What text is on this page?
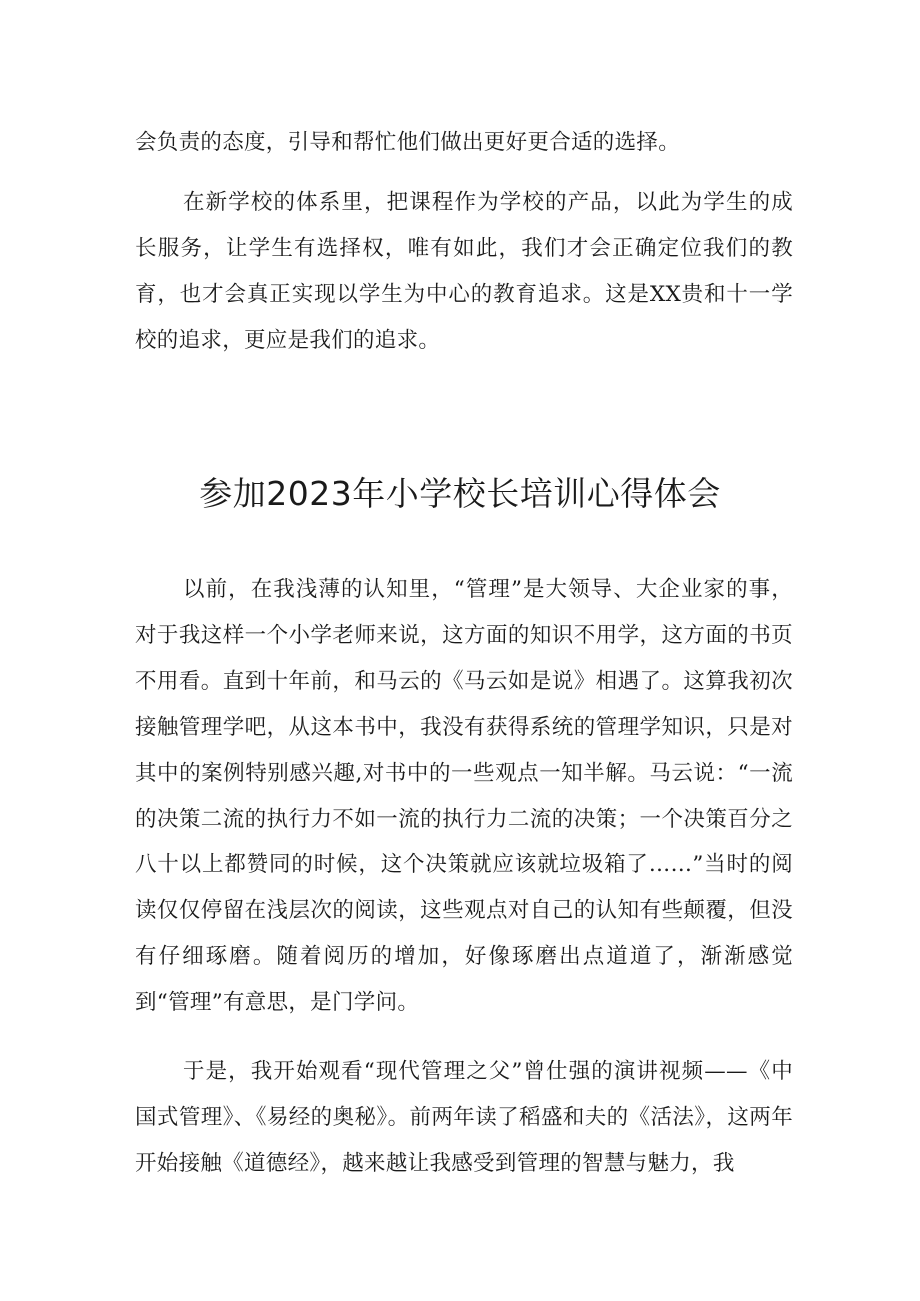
会负责的态度，引导和帮忙他们做出更好更合适的选择。

在新学校的体系里，把课程作为学校的产品，以此为学生的成长服务，让学生有选择权，唯有如此，我们才会正确定位我们的教育，也才会真正实现以学生为中心的教育追求。这是XX贵和十一学校的追求，更应是我们的追求。

参加2023年小学校长培训心得体会

以前，在我浅薄的认知里，“管理”是大领导、大企业家的事，对于我这样一个小学老师来说，这方面的知识不用学，这方面的书页不用看。直到十年前，和马云的《马云如是说》相遇了。这算我初次接触管理学吧，从这本书中，我没有获得系统的管理学知识，只是对其中的案例特别感兴趣,对书中的一些观点一知半解。马云说：“一流的决策二流的执行力不如一流的执行力二流的决策；一个决策百分之八十以上都赞同的时候，这个决策就应该就垃圾箱了……”当时的阅读仅仅停留在浅层次的阅读，这些观点对自己的认知有些颠覆，但没有仔细琢磨。随着阅历的增加，好像琢磨出点道道了，渐渐感觉到“管理”有意思，是门学问。

于是，我开始观看“现代管理之父”曾仕强的演讲视频——《中国式管理》、《易经的奥秘》。前两年读了稻盛和夫的《活法》，这两年开始接触《道德经》，越来越让我感受到管理的智慧与魅力，我
